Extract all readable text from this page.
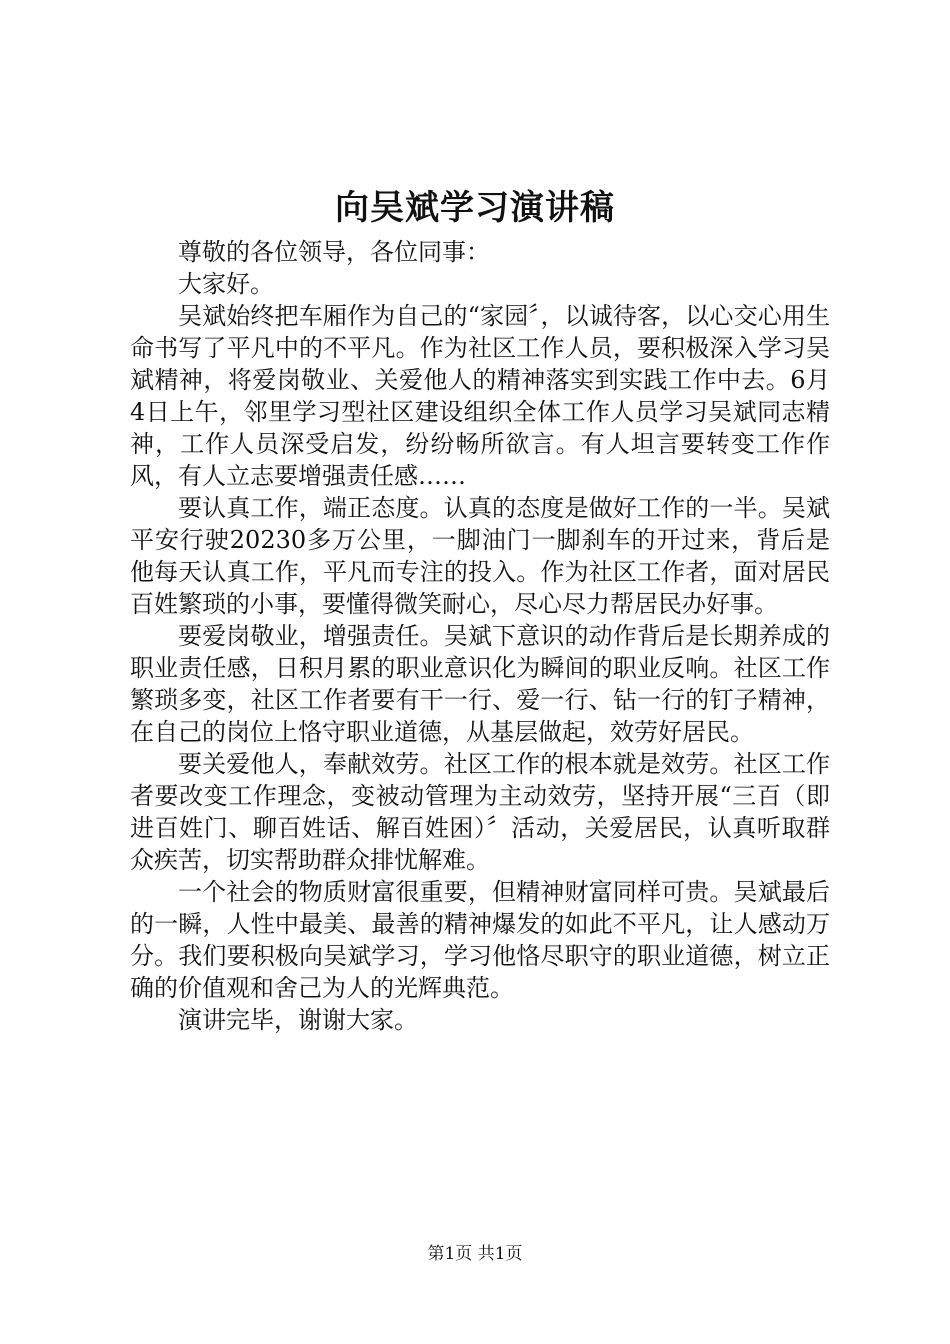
向吴斌学习演讲稿

尊敬的各位领导，各位同事：

大家好。

吴斌始终把车厢作为自己的“家园〞，以诚待客，以心交心用生命书写了平凡中的不平凡。作为社区工作人员，要积极深入学习吴斌精神，将爱岗敬业、关爱他人的精神落实到实践工作中去。6月4日上午，邻里学习型社区建设组织全体工作人员学习吴斌同志精神，工作人员深受启发，纷纷畅所欲言。有人坦言要转变工作作风，有人立志要增强责任感……

要认真工作，端正态度。认真的态度是做好工作的一半。吴斌平安行驶20230多万公里，一脚油门一脚刹车的开过来，背后是他每天认真工作，平凡而专注的投入。作为社区工作者，面对居民百姓繁琐的小事，要懂得微笑耐心，尽心尽力帮居民办好事。

要爱岗敬业，增强责任。吴斌下意识的动作背后是长期养成的职业责任感，日积月累的职业意识化为瞬间的职业反响。社区工作繁琐多变，社区工作者要有干一行、爱一行、钻一行的钉子精神，在自己的岗位上恪守职业道德，从基层做起，效劳好居民。

要关爱他人，奉献效劳。社区工作的根本就是效劳。社区工作者要改变工作理念，变被动管理为主动效劳，坚持开展“三百（即进百姓门、聊百姓话、解百姓困）〞活动，关爱居民，认真听取群众疾苦，切实帮助群众排忧解难。

一个社会的物质财富很重要，但精神财富同样可贵。吴斌最后的一瞬，人性中最美、最善的精神爆发的如此不平凡，让人感动万分。我们要积极向吴斌学习，学习他恪尽职守的职业道德，树立正确的价值观和舍己为人的光辉典范。

演讲完毕，谢谢大家。

第1页 共1页
